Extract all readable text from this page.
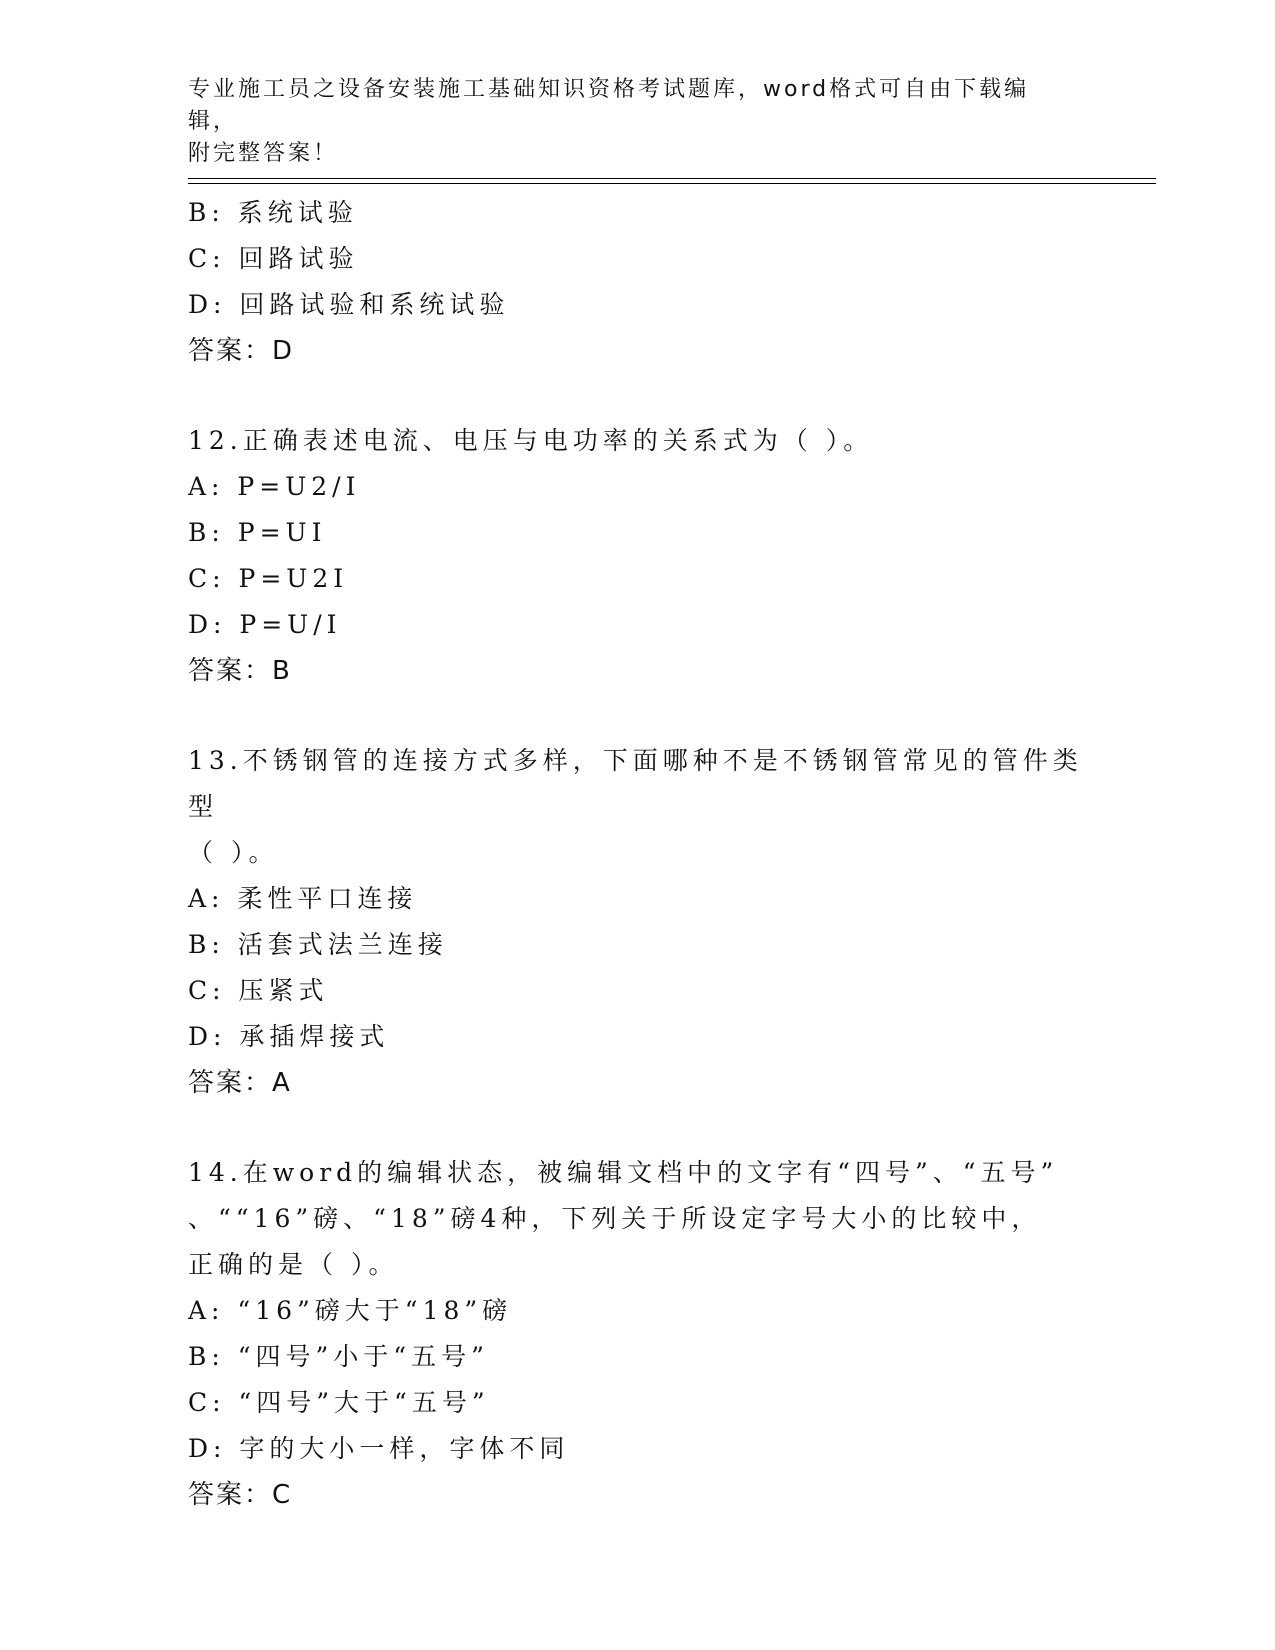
专业施工员之设备安装施工基础知识资格考试题库，word格式可自由下载编辑，
附完整答案！
B: 系统试验
C: 回路试验
D: 回路试验和系统试验
答案：D
12.正确表述电流、电压与电功率的关系式为（ ）。
A: P=U2/I
B: P=UI
C: P=U2I
D: P=U/I
答案：B
13.不锈钢管的连接方式多样，下面哪种不是不锈钢管常见的管件类型
（ ）。
A: 柔性平口连接
B: 活套式法兰连接
C: 压紧式
D: 承插焊接式
答案：A
14.在word的编辑状态，被编辑文档中的文字有“四号”、“五号”
、““16”磅、“18”磅4种，下列关于所设定字号大小的比较中，
正确的是（ ）。
A: “16”磅大于“18”磅
B: “四号”小于“五号”
C: “四号”大于“五号”
D: 字的大小一样，字体不同
答案：C
